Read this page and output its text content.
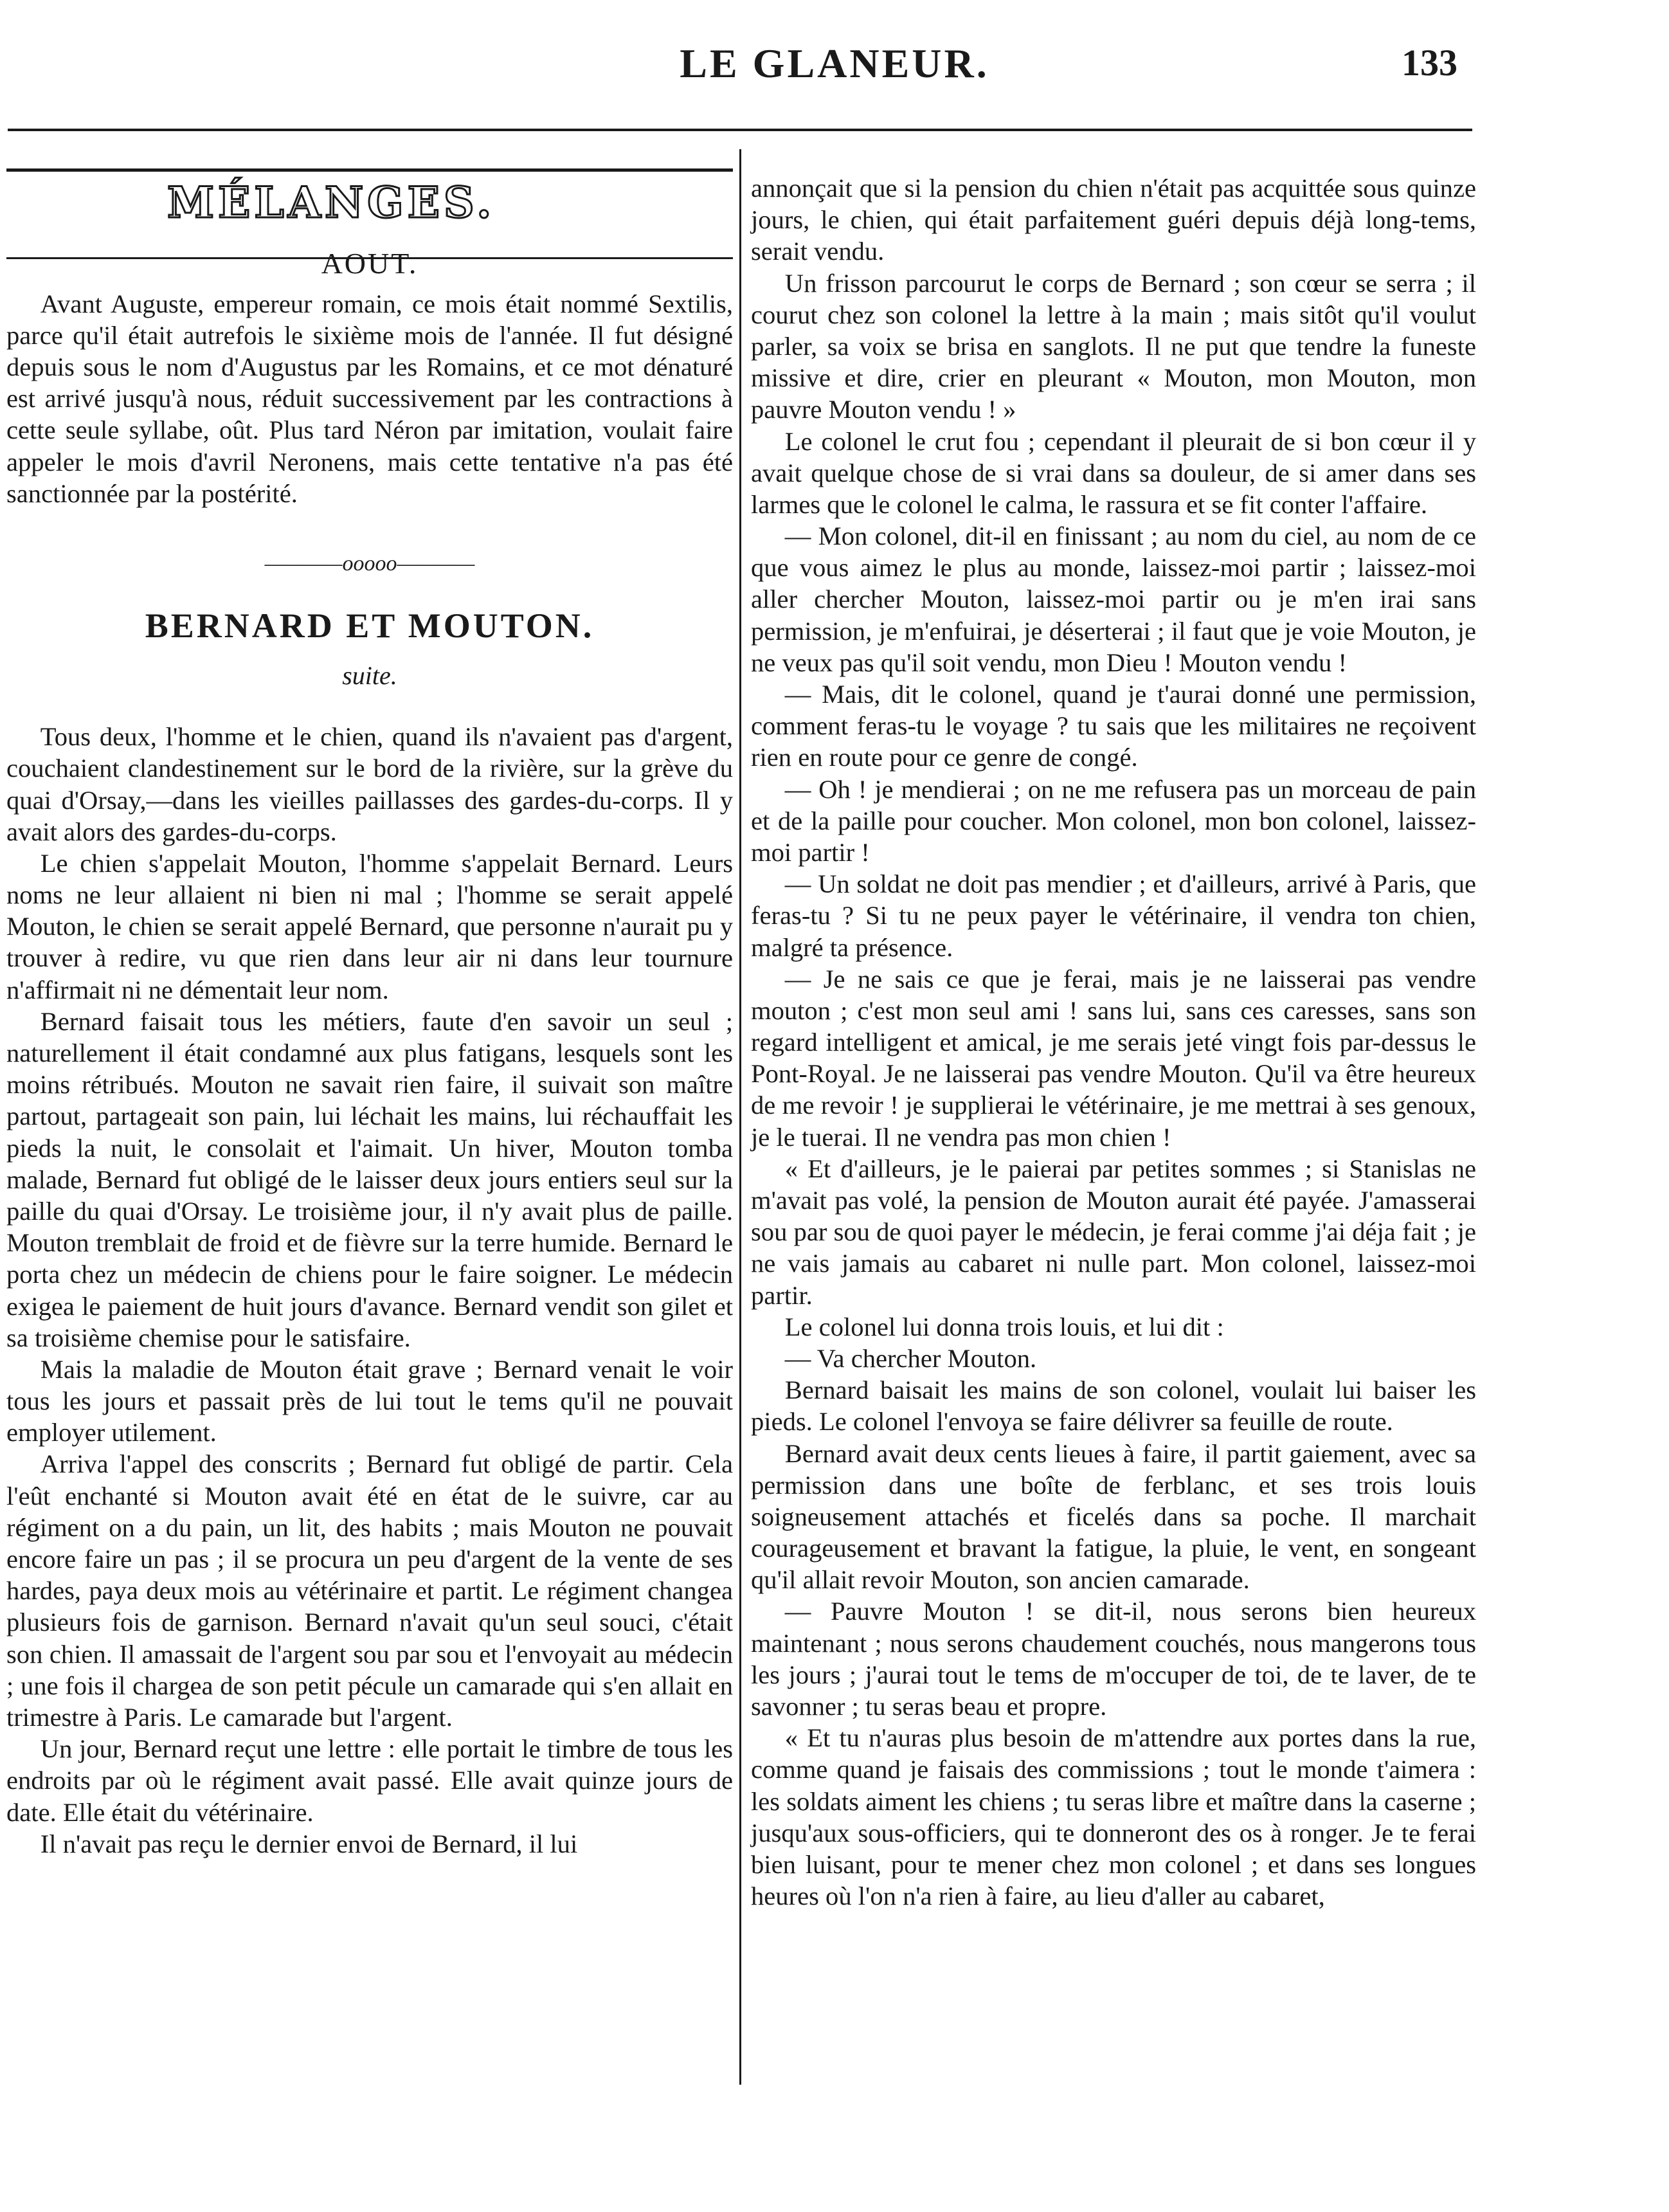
LE GLANEUR.	133
MÉLANGES.
AOUT.

Avant Auguste, empereur romain, ce mois était nommé Sextilis, parce qu'il était autrefois le sixième mois de l'année. Il fut désigné depuis sous le nom d'Augustus par les Romains, et ce mot dénaturé est arrivé jusqu'à nous, réduit successivement par les contractions à cette seule syllabe, oût. Plus tard Néron par imitation, voulait faire appeler le mois d'avril Neronens, mais cette tentative n'a pas été sanctionnée par la postérité.

————ooooo————
BERNARD ET MOUTON.
suite.

Tous deux, l'homme et le chien, quand ils n'avaient pas d'argent, couchaient clandestinement sur le bord de la rivière, sur la grève du quai d'Orsay,—dans les vieilles paillasses des gardes-du-corps. Il y avait alors des gardes-du-corps.

Le chien s'appelait Mouton, l'homme s'appelait Bernard. Leurs noms ne leur allaient ni bien ni mal ; l'homme se serait appelé Mouton, le chien se serait appelé Bernard, que personne n'aurait pu y trouver à redire, vu que rien dans leur air ni dans leur tournure n'affirmait ni ne démentait leur nom.

Bernard faisait tous les métiers, faute d'en savoir un seul ; naturellement il était condamné aux plus fatigans, lesquels sont les moins rétribués. Mouton ne savait rien faire, il suivait son maître partout, partageait son pain, lui léchait les mains, lui réchauffait les pieds la nuit, le consolait et l'aimait. Un hiver, Mouton tomba malade, Bernard fut obligé de le laisser deux jours entiers seul sur la paille du quai d'Orsay. Le troisième jour, il n'y avait plus de paille. Mouton tremblait de froid et de fièvre sur la terre humide. Bernard le porta chez un médecin de chiens pour le faire soigner. Le médecin exigea le paiement de huit jours d'avance. Bernard vendit son gilet et sa troisième chemise pour le satisfaire.

Mais la maladie de Mouton était grave ; Bernard venait le voir tous les jours et passait près de lui tout le tems qu'il ne pouvait employer utilement.

Arriva l'appel des conscrits ; Bernard fut obligé de partir. Cela l'eût enchanté si Mouton avait été en état de le suivre, car au régiment on a du pain, un lit, des habits ; mais Mouton ne pouvait encore faire un pas ; il se procura un peu d'argent de la vente de ses hardes, paya deux mois au vétérinaire et partit. Le régiment changea plusieurs fois de garnison. Bernard n'avait qu'un seul souci, c'était son chien. Il amassait de l'argent sou par sou et l'envoyait au médecin ; une fois il chargea de son petit pécule un camarade qui s'en allait en trimestre à Paris. Le camarade but l'argent.

Un jour, Bernard reçut une lettre : elle portait le timbre de tous les endroits par où le régiment avait passé. Elle avait quinze jours de date. Elle était du vétérinaire.

Il n'avait pas reçu le dernier envoi de Bernard, il lui

annonçait que si la pension du chien n'était pas acquittée sous quinze jours, le chien, qui était parfaitement guéri depuis déjà long-tems, serait vendu.

Un frisson parcourut le corps de Bernard ; son cœur se serra ; il courut chez son colonel la lettre à la main ; mais sitôt qu'il voulut parler, sa voix se brisa en sanglots. Il ne put que tendre la funeste missive et dire, crier en pleurant « Mouton, mon Mouton, mon pauvre Mouton vendu ! »

Le colonel le crut fou ; cependant il pleurait de si bon cœur il y avait quelque chose de si vrai dans sa douleur, de si amer dans ses larmes que le colonel le calma, le rassura et se fit conter l'affaire.

— Mon colonel, dit-il en finissant ; au nom du ciel, au nom de ce que vous aimez le plus au monde, laissez-moi partir ; laissez-moi aller chercher Mouton, laissez-moi partir ou je m'en irai sans permission, je m'enfuirai, je déserterai ; il faut que je voie Mouton, je ne veux pas qu'il soit vendu, mon Dieu ! Mouton vendu !

— Mais, dit le colonel, quand je t'aurai donné une permission, comment feras-tu le voyage ? tu sais que les militaires ne reçoivent rien en route pour ce genre de congé.

— Oh ! je mendierai ; on ne me refusera pas un morceau de pain et de la paille pour coucher. Mon colonel, mon bon colonel, laissez-moi partir !

— Un soldat ne doit pas mendier ; et d'ailleurs, arrivé à Paris, que feras-tu ? Si tu ne peux payer le vétérinaire, il vendra ton chien, malgré ta présence.

— Je ne sais ce que je ferai, mais je ne laisserai pas vendre mouton ; c'est mon seul ami ! sans lui, sans ces caresses, sans son regard intelligent et amical, je me serais jeté vingt fois par-dessus le Pont-Royal. Je ne laisserai pas vendre Mouton. Qu'il va être heureux de me revoir ! je supplierai le vétérinaire, je me mettrai à ses genoux, je le tuerai. Il ne vendra pas mon chien !

« Et d'ailleurs, je le paierai par petites sommes ; si Stanislas ne m'avait pas volé, la pension de Mouton aurait été payée. J'amasserai sou par sou de quoi payer le médecin, je ferai comme j'ai déja fait ; je ne vais jamais au cabaret ni nulle part. Mon colonel, laissez-moi partir.

Le colonel lui donna trois louis, et lui dit :

— Va chercher Mouton.

Bernard baisait les mains de son colonel, voulait lui baiser les pieds. Le colonel l'envoya se faire délivrer sa feuille de route.

Bernard avait deux cents lieues à faire, il partit gaiement, avec sa permission dans une boîte de ferblanc, et ses trois louis soigneusement attachés et ficelés dans sa poche. Il marchait courageusement et bravant la fatigue, la pluie, le vent, en songeant qu'il allait revoir Mouton, son ancien camarade.

— Pauvre Mouton ! se dit-il, nous serons bien heureux maintenant ; nous serons chaudement couchés, nous mangerons tous les jours ; j'aurai tout le tems de m'occuper de toi, de te laver, de te savonner ; tu seras beau et propre.

« Et tu n'auras plus besoin de m'attendre aux portes dans la rue, comme quand je faisais des commissions ; tout le monde t'aimera : les soldats aiment les chiens ; tu seras libre et maître dans la caserne ; jusqu'aux sous-officiers, qui te donneront des os à ronger. Je te ferai bien luisant, pour te mener chez mon colonel ; et dans ses longues heures où l'on n'a rien à faire, au lieu d'aller au cabaret,
